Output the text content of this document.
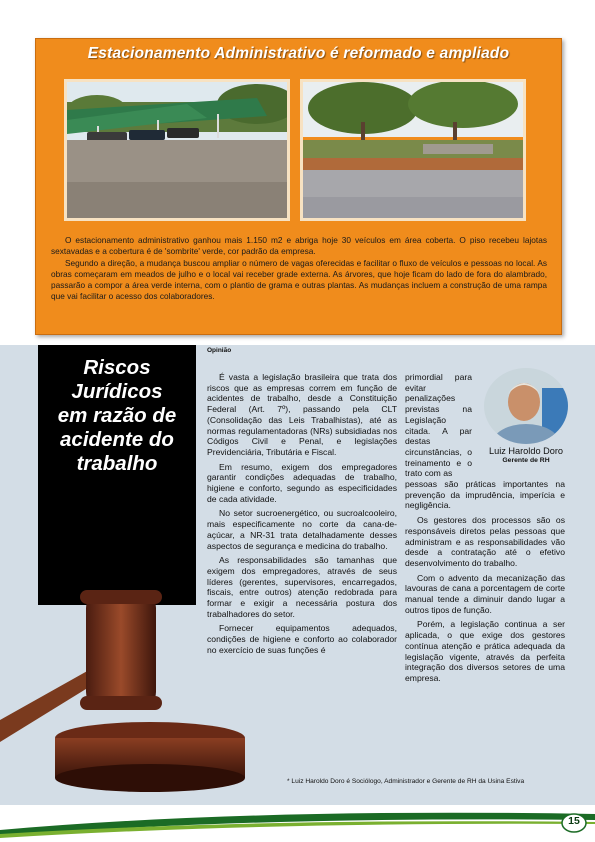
Estacionamento Administrativo é reformado e ampliado

O estacionamento administrativo ganhou mais 1.150 m2 e abriga hoje 30 veículos em área coberta. O piso recebeu lajotas sextavadas e a cobertura é de 'sombrite' verde, cor padrão da empresa.

Segundo a direção, a mudança buscou ampliar o número de vagas oferecidas e facilitar o fluxo de veículos e pessoas no local. As obras começaram em meados de julho e o local vai receber grade externa. As árvores, que hoje ficam do lado de fora do alambrado, passarão a compor a área verde interna, com o plantio de grama e outras plantas. As mudanças incluem a construção de uma rampa que vai facilitar o acesso dos colaboradores.

Riscos
Jurídicos
em razão de
acidente do
trabalho
Opinião

É vasta a legislação brasileira que trata dos riscos que as empresas correm em função de acidentes de trabalho, desde a Constituição Federal (Art. 7º), passando pela CLT (Consolidação das Leis Trabalhistas), até as normas regulamentadoras (NRs) subsidiadas nos Códigos Civil e Penal, e legislações Previdenciária, Tributária e Fiscal.

Em resumo, exigem dos empregadores garantir condições adequadas de trabalho, higiene e conforto, segundo as especificidades de cada atividade.

No setor sucroenergético, ou sucroalcooleiro, mais especificamente no corte da cana-de-açúcar, a NR-31 trata detalhadamente desses aspectos de segurança e medicina do trabalho.

As responsabilidades são tamanhas que exigem dos empregadores, através de seus líderes (gerentes, supervisores, encarregados, fiscais, entre outros) atenção redobrada para formar e exigir a necessária postura dos trabalhadores do setor.

Fornecer equipamentos adequados, condições de higiene e conforto ao colaborador no exercício de suas funções é

primordial para evitar penalizações previstas na Legislação citada. A par destas circunstâncias, o treinamento e o trato com as

pessoas são práticas importantes na prevenção da imprudência, imperícia e negligência.

Os gestores dos processos são os responsáveis diretos pelas pessoas que administram e as responsabilidades vão desde a contratação até o efetivo desenvolvimento do trabalho.

Com o advento da mecanização das lavouras de cana a porcentagem de corte manual tende a diminuir dando lugar a outros tipos de função.

Porém, a legislação continua a ser aplicada, o que exige dos gestores contínua atenção e prática adequada da legislação vigente, através da perfeita integração dos diversos setores de uma empresa.

Luiz Haroldo Doro
Gerente de RH
* Luiz Haroldo Doro é Sociólogo, Administrador e Gerente de RH da Usina Estiva
15
